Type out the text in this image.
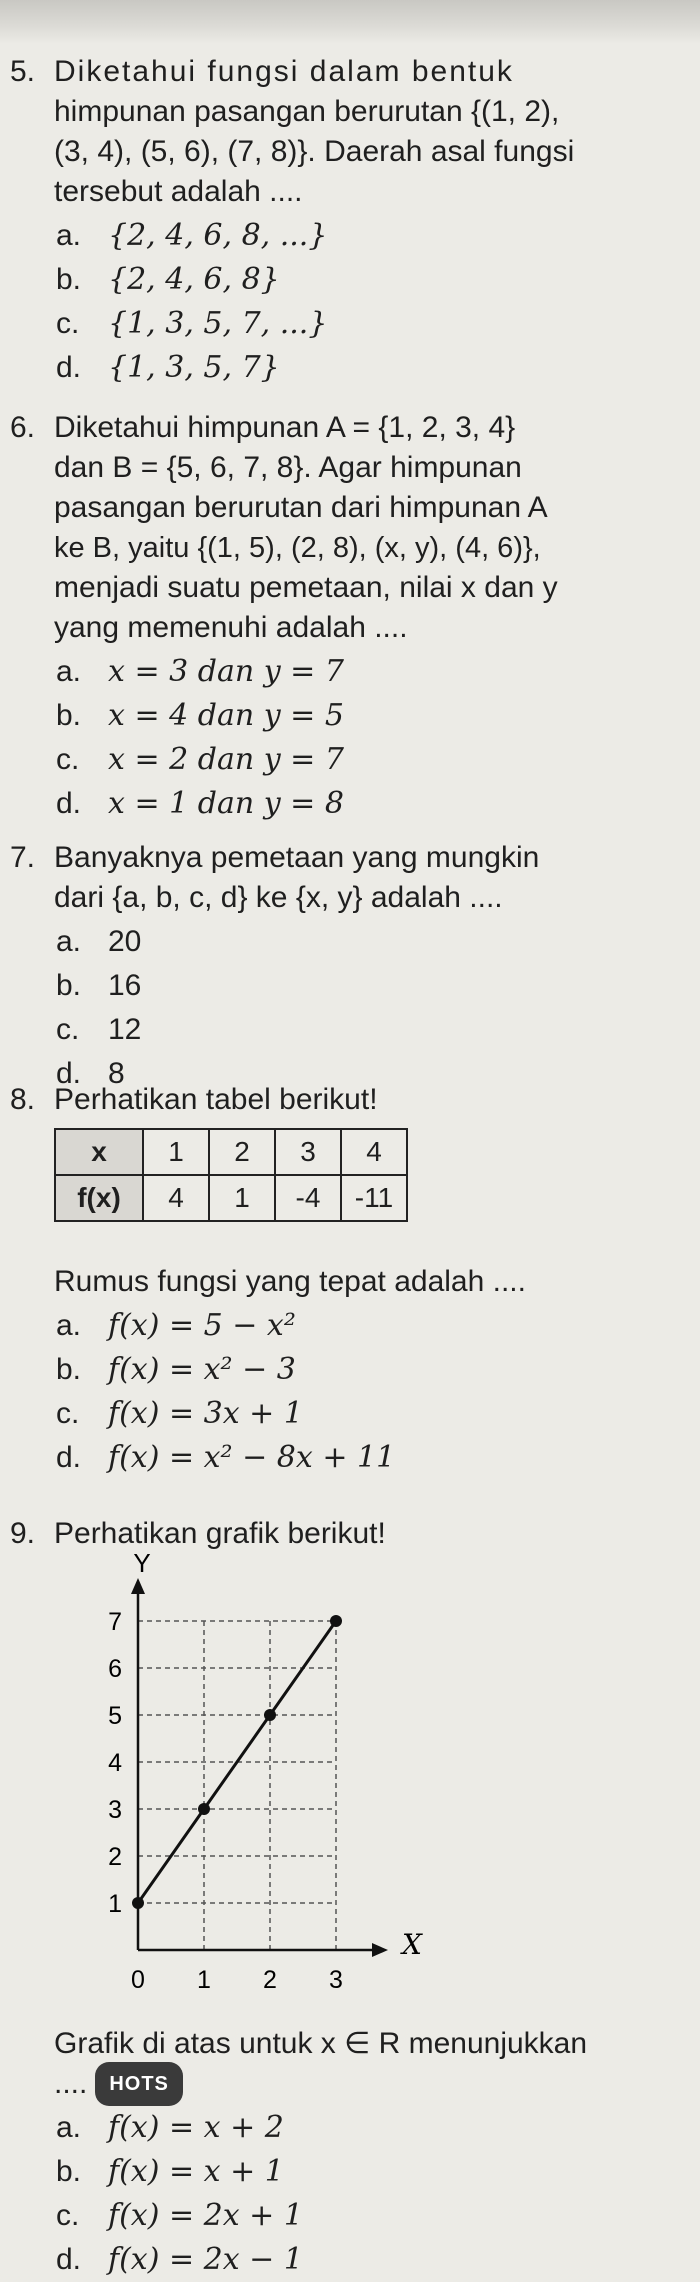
5. Diketahui fungsi dalam bentuk
himpunan pasangan berurutan {(1, 2),
(3, 4), (5, 6), (7, 8)}. Daerah asal fungsi
tersebut adalah ....
a. {2, 4, 6, 8, ...}
b. {2, 4, 6, 8}
c. {1, 3, 5, 7, ...}
d. {1, 3, 5, 7}
6. Diketahui himpunan A = {1, 2, 3, 4}
dan B = {5, 6, 7, 8}. Agar himpunan
pasangan berurutan dari himpunan A
ke B, yaitu {(1, 5), (2, 8), (x, y), (4, 6)},
menjadi suatu pemetaan, nilai x dan y
yang memenuhi adalah ....
a. x = 3 dan y = 7
b. x = 4 dan y = 5
c. x = 2 dan y = 7
d. x = 1 dan y = 8
7. Banyaknya pemetaan yang mungkin
dari {a, b, c, d} ke {x, y} adalah ....
a. 20
b. 16
c. 12
d. 8
8. Perhatikan tabel berikut!
x	1	2	3	4
f(x)	4	1	-4	-11
Rumus fungsi yang tepat adalah ....
a. f(x) = 5 − x²
b. f(x) = x² − 3
c. f(x) = 3x + 1
d. f(x) = x² − 8x + 11
9. Perhatikan grafik berikut!
Y
X
1
2
3
4
5
6
7
0 1 2 3
Grafik di atas untuk x ∈ R menunjukkan
....	HOTS
a. f(x) = x + 2
b. f(x) = x + 1
c. f(x) = 2x + 1
d. f(x) = 2x − 1
